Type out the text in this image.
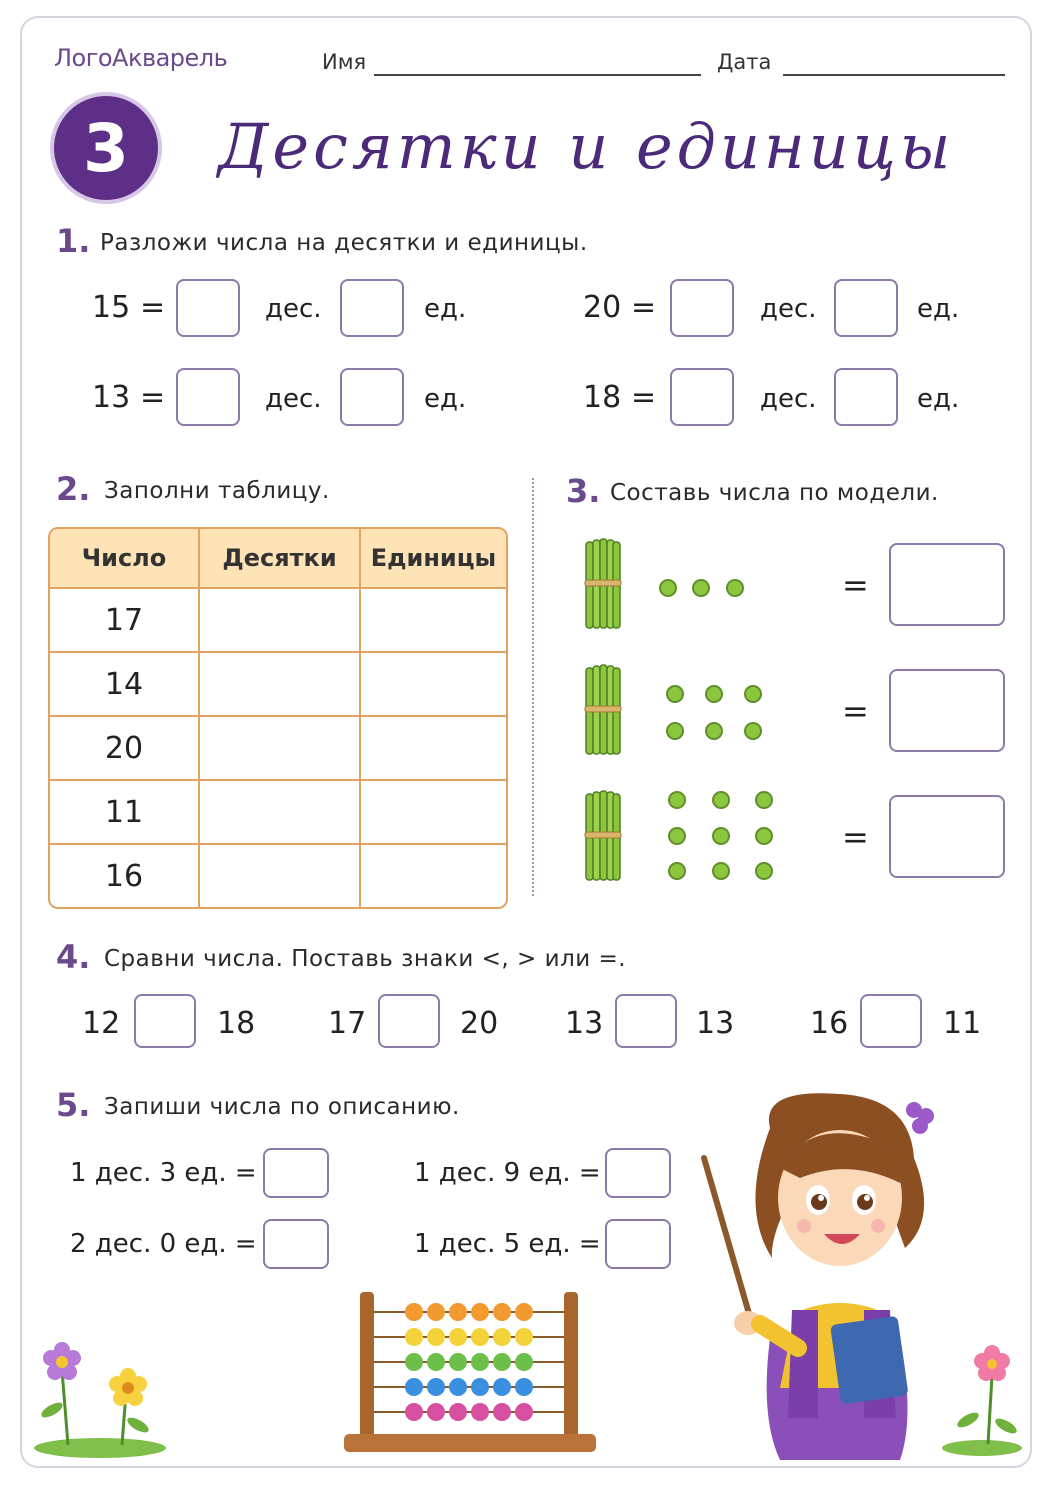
ЛогоАкварель	Имя	Дата
3	Десятки и единицы
1. Разложи числа на десятки и единицы.
15 =	дес.	ед.	20 =	дес.	ед.
13 =	дес.	ед.	18 =	дес.	ед.
2. Заполни таблицу.
Число	Десятки	Единицы
17		
14		
20		
11		
16		
3. Составь числа по модели.
=
=
=
4. Сравни числа. Поставь знаки <, > или =.
12	18 17	20 13	13	16	11
5. Запиши числа по описанию.
1 дес. 3 ед. =	1 дес. 9 ед. =
2 дес. 0 ед. =	1 дес. 5 ед. =
